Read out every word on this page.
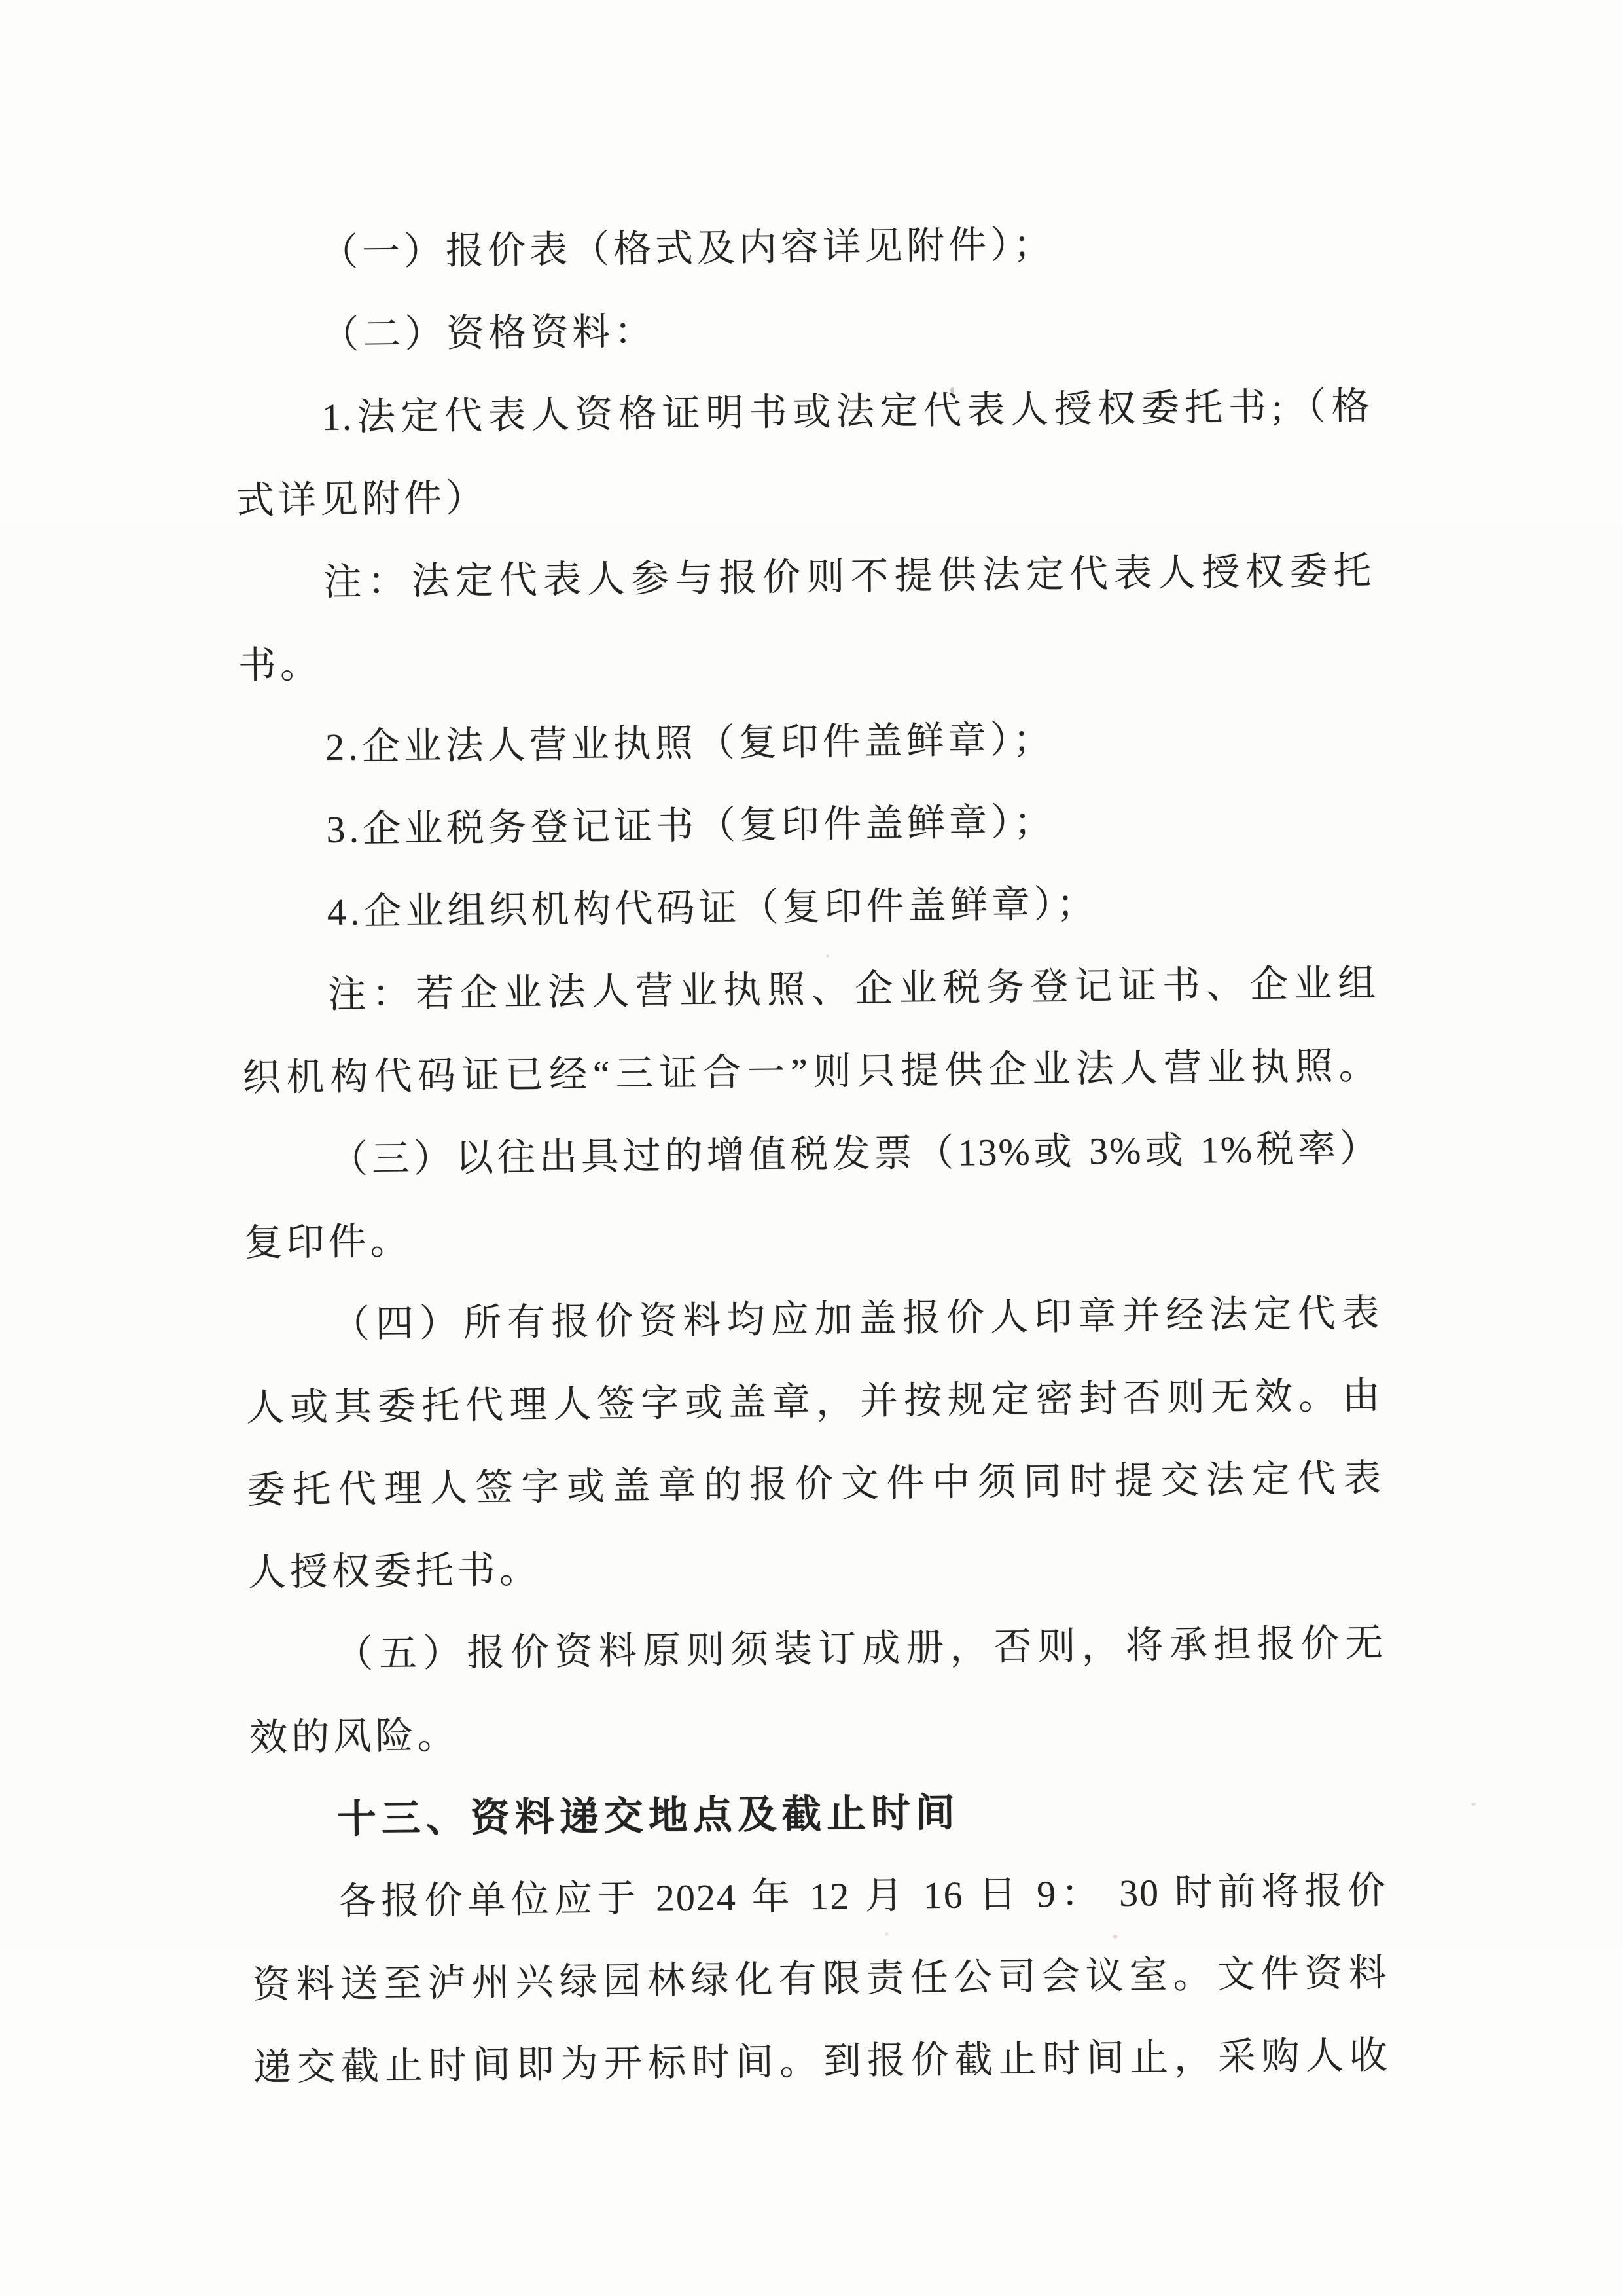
（一）报价表（格式及内容详见附件）；
（二）资格资料：
1.法定代表人资格证明书或法定代表人授权委托书;（格
式详见附件）
注：法定代表人参与报价则不提供法定代表人授权委托
书。
2.企业法人营业执照（复印件盖鲜章）；
3.企业税务登记证书（复印件盖鲜章）；
4.企业组织机构代码证（复印件盖鲜章）；
注：若企业法人营业执照、企业税务登记证书、企业组
织机构代码证已经“三证合一”则只提供企业法人营业执照。
（三）以往出具过的增值税发票（13%或 3%或 1%税率）
复印件。
（四）所有报价资料均应加盖报价人印章并经法定代表
人或其委托代理人签字或盖章，并按规定密封否则无效。由
委托代理人签字或盖章的报价文件中须同时提交法定代表
人授权委托书。
（五）报价资料原则须装订成册，否则，将承担报价无
效的风险。
十三、资料递交地点及截止时间
各报价单位应于 2024 年 12 月 16 日 9： 30 时前将报价
资料送至泸州兴绿园林绿化有限责任公司会议室。文件资料
递交截止时间即为开标时间。到报价截止时间止，采购人收
